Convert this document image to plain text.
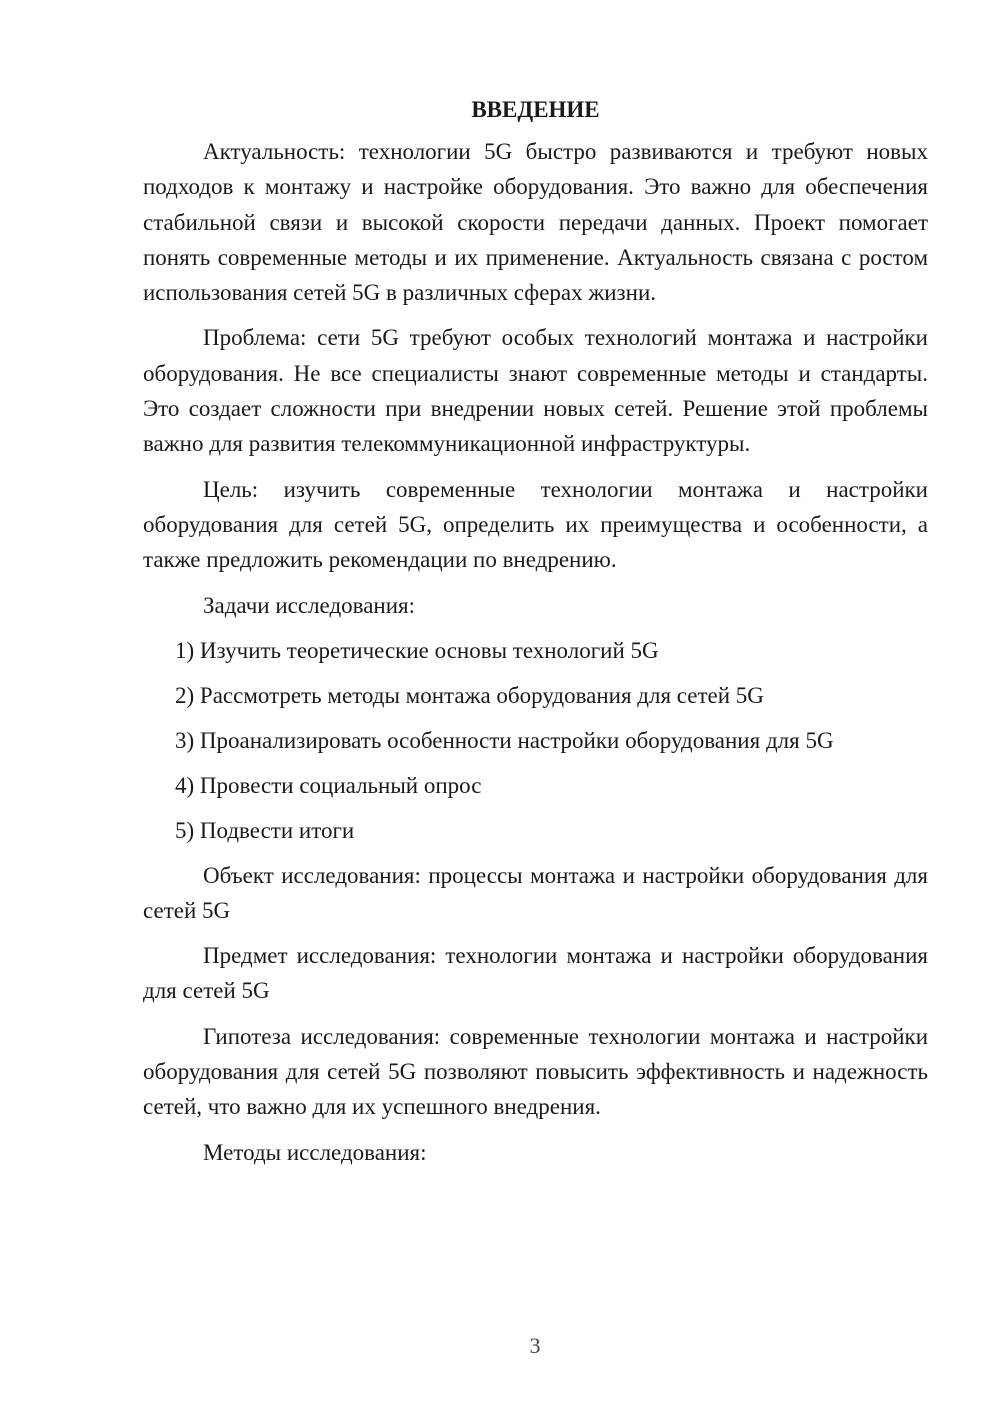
ВВЕДЕНИЕ

Актуальность: технологии 5G быстро развиваются и требуют новых подходов к монтажу и настройке оборудования. Это важно для обеспечения стабильной связи и высокой скорости передачи данных. Проект помогает понять современные методы и их применение. Актуальность связана с ростом использования сетей 5G в различных сферах жизни.

Проблема: сети 5G требуют особых технологий монтажа и настройки оборудования. Не все специалисты знают современные методы и стандарты. Это создает сложности при внедрении новых сетей. Решение этой проблемы важно для развития телекоммуникационной инфраструктуры.

Цель: изучить современные технологии монтажа и настройки оборудования для сетей 5G, определить их преимущества и особенности, а также предложить рекомендации по внедрению.

Задачи исследования:

1) Изучить теоретические основы технологий 5G

2) Рассмотреть методы монтажа оборудования для сетей 5G

3) Проанализировать особенности настройки оборудования для 5G

4) Провести социальный опрос

5) Подвести итоги

Объект исследования: процессы монтажа и настройки оборудования для сетей 5G

Предмет исследования: технологии монтажа и настройки оборудования для сетей 5G

Гипотеза исследования: современные технологии монтажа и настройки оборудования для сетей 5G позволяют повысить эффективность и надежность сетей, что важно для их успешного внедрения.

Методы исследования:

3
